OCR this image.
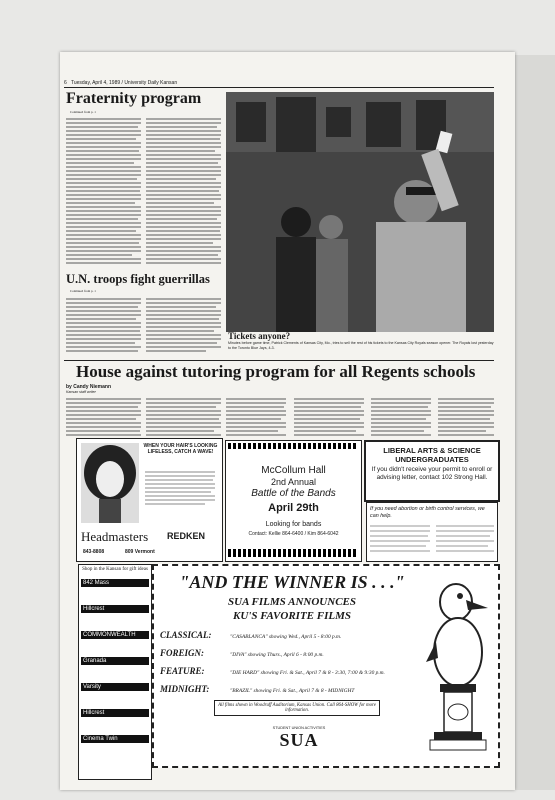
6 Tuesday, April 4, 1989 / University Daily Kansan
Fraternity program
Continued from p. 1
Tickets anyone?
Minutes before game time, Patrick Clements of Kansas City, Mo., tries to sell the rest of his tickets to the Kansas City Royals season opener. The Royals lost yesterday to the Toronto Blue Jays, 4-3.
U.N. troops fight guerrillas
Continued from p. 1
House against tutoring program for all Regents schools
by Candy Niemann
Kansan staff writer
WHEN YOUR HAIR'S LOOKING LIFELESS, CATCH A WAVE!
Headmasters REDKEN
843-8808	809 Vermont
McCollum Hall
2nd Annual
Battle of the Bands
April 29th
Looking for bands
Contact: Kellie 864-6400 / Kim 864-6042
LIBERAL ARTS & SCIENCE UNDERGRADUATES
If you didn't receive your permit to enroll or advising letter, contact 102 Strong Hall.
If you need abortion or birth control services, we can help.
Shop in the Kansan for gift ideas
842 Mass
Hillcrest
COMMONWEALTH
Granada
Varsity
Hillcrest
Cinema Twin
"AND THE WINNER IS . . ."
SUA FILMS ANNOUNCES
KU'S FAVORITE FILMS
CLASSICAL:	"CASABLANCA" showing Wed., April 5 - 8:00 p.m.
FOREIGN:	"DIVA" showing Thurs., April 6 - 8:00 p.m.
FEATURE:	"DIE HARD" showing Fri. & Sat., April 7 & 8 - 3:30, 7:00 & 9:30 p.m.
MIDNIGHT:	"BRAZIL" showing Fri. & Sat., April 7 & 8 - MIDNIGHT
All films shown in Woodruff Auditorium, Kansas Union. Call 864-SHOW for more information.
STUDENT UNION ACTIVITIES
SUA
